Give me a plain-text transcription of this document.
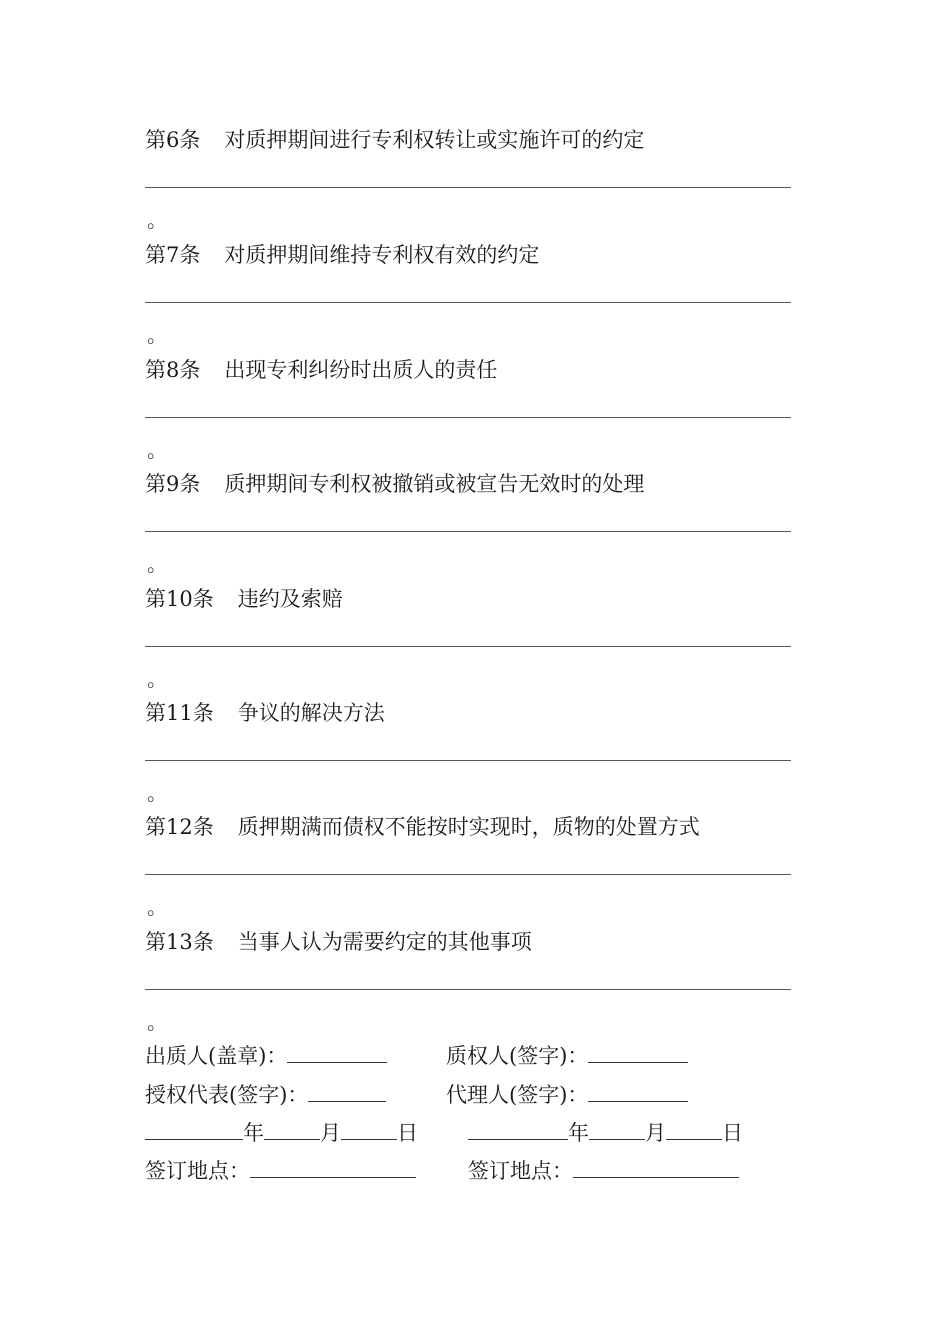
第6条 对质押期间进行专利权转让或实施许可的约定
。
第7条 对质押期间维持专利权有效的约定
。
第8条 出现专利纠纷时出质人的责任
。
第9条 质押期间专利权被撤销或被宣告无效时的处理
。
第10条 违约及索赔
。
第11条 争议的解决方法
。
第12条 质押期满而债权不能按时实现时，质物的处置方式
。
第13条 当事人认为需要约定的其他事项
。
出质人(盖章)：	质权人(签字)：
授权代表(签字)：	代理人(签字)：
年	月	日	年	月	日
签订地点：	签订地点：
